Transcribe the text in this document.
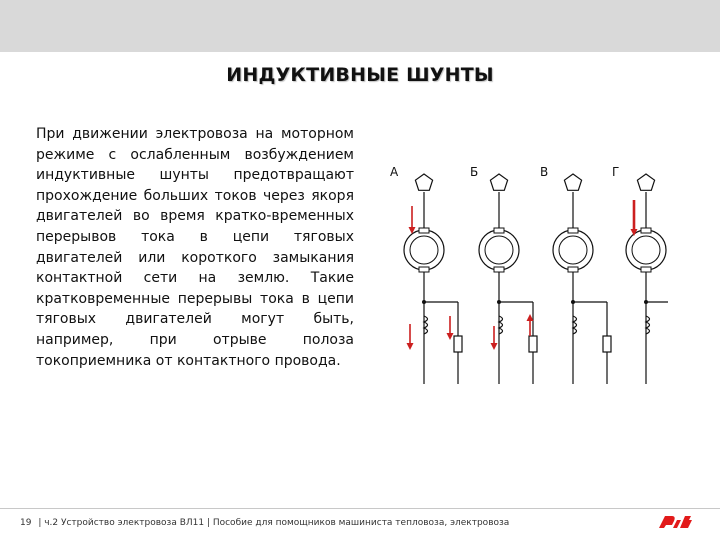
ИНДУКТИВНЫЕ ШУНТЫ
При движении электровоза на моторном режиме с ослабленным возбуждением индуктивные шунты предотвращают прохождение больших токов через якоря двигателей во время кратко-временных перерывов тока в цепи тяговых двигателей или короткого замыкания контактной сети на землю. Такие кратковременные перерывы тока в цепи тяговых двигателей могут быть, например, при отрыве полоза токоприемника от контактного провода.
А	Б	В	Г
19 | ч.2 Устройство электровоза ВЛ11 | Пособие для помощников машиниста тепловоза, электровоза
